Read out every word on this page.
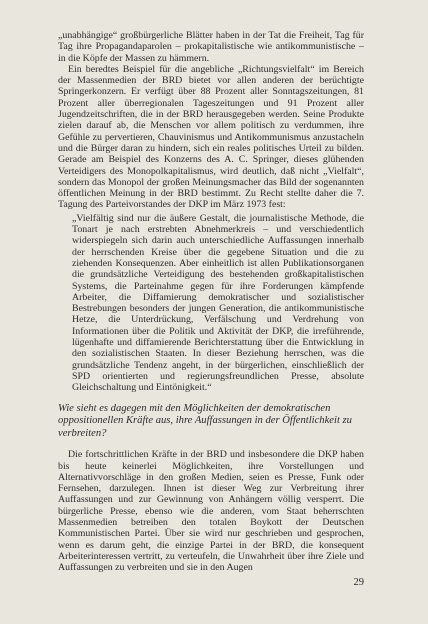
„unabhängige“ großbürgerliche Blätter haben in der Tat die Freiheit, Tag für Tag ihre Propagandaparolen – prokapitalistische wie antikommunistische – in die Köpfe der Massen zu hämmern.

Ein beredtes Beispiel für die angebliche „Richtungsvielfalt“ im Bereich der Massenmedien der BRD bietet vor allen anderen der berüchtigte Springerkonzern. Er verfügt über 88 Prozent aller Sonntagszeitungen, 81 Prozent aller überregionalen Tageszeitungen und 91 Prozent aller Jugendzeitschriften, die in der BRD herausgegeben werden. Seine Produkte zielen darauf ab, die Menschen vor allem politisch zu verdummen, ihre Gefühle zu pervertieren, Chauvinismus und Antikommunismus anzustacheln und die Bürger daran zu hindern, sich ein reales politisches Urteil zu bilden. Gerade am Beispiel des Konzerns des A. C. Springer, dieses glühenden Verteidigers des Monopolkapitalismus, wird deutlich, daß nicht „Vielfalt“, sondern das Monopol der großen Meinungsmacher das Bild der sogenannten öffentlichen Meinung in der BRD bestimmt. Zu Recht stellte daher die 7. Tagung des Parteivorstandes der DKP im März 1973 fest:

„Vielfältig sind nur die äußere Gestalt, die journalistische Methode, die Tonart je nach erstrebten Abnehmerkreis – und verschiedentlich widerspiegeln sich darin auch unterschiedliche Auffassungen innerhalb der herrschenden Kreise über die gegebene Situation und die zu ziehenden Konsequenzen. Aber einheitlich ist allen Publikationsorganen die grundsätzliche Verteidigung des bestehenden großkapitalistischen Systems, die Parteinahme gegen für ihre Forderungen kämpfende Arbeiter, die Diffamierung demokratischer und sozialistischer Bestrebungen besonders der jungen Generation, die antikommunistische Hetze, die Unterdrückung, Verfälschung und Verdrehung von Informationen über die Politik und Aktivität der DKP, die irreführende, lügenhafte und diffamierende Berichterstattung über die Entwicklung in den sozialistischen Staaten. In dieser Beziehung herrschen, was die grundsätzliche Tendenz angeht, in der bürgerlichen, einschließlich der SPD orientierten und regierungsfreundlichen Presse, absolute Gleichschaltung und Eintönigkeit.“

Wie sieht es dagegen mit den Möglichkeiten der demokratischen oppositionellen Kräfte aus, ihre Auffassungen in der Öffentlichkeit zu verbreiten?

Die fortschrittlichen Kräfte in der BRD und insbesondere die DKP haben bis heute keinerlei Möglichkeiten, ihre Vorstellungen und Alternativvorschläge in den großen Medien, seien es Presse, Funk oder Fernsehen, darzulegen. Ihnen ist dieser Weg zur Verbreitung ihrer Auffassungen und zur Gewinnung von Anhängern völlig versperrt. Die bürgerliche Presse, ebenso wie die anderen, vom Staat beherrschten Massenmedien betreiben den totalen Boykott der Deutschen Kommunistischen Partei. Über sie wird nur geschrieben und gesprochen, wenn es darum geht, die einzige Partei in der BRD, die konsequent Arbeiterinteressen vertritt, zu verteufeln, die Unwahrheit über ihre Ziele und Auffassungen zu verbreiten und sie in den Augen

29
